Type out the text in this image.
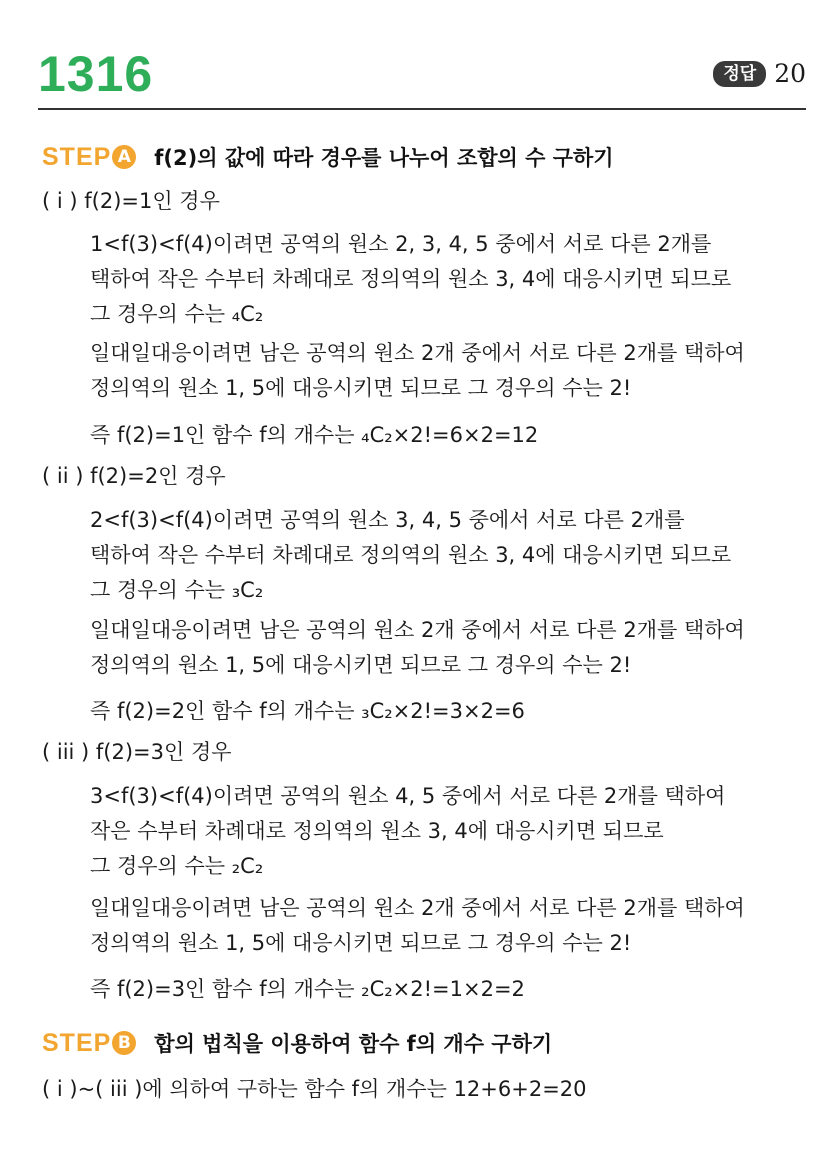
1316	정답 20
STEP A f(2)의 값에 따라 경우를 나누어 조합의 수 구하기
( i ) f(2)=1인 경우
1<f(3)<f(4)이려면 공역의 원소 2, 3, 4, 5 중에서 서로 다른 2개를
택하여 작은 수부터 차례대로 정의역의 원소 3, 4에 대응시키면 되므로
그 경우의 수는 ₄C₂
일대일대응이려면 남은 공역의 원소 2개 중에서 서로 다른 2개를 택하여
정의역의 원소 1, 5에 대응시키면 되므로 그 경우의 수는 2!
즉 f(2)=1인 함수 f의 개수는 ₄C₂×2!=6×2=12
( ii ) f(2)=2인 경우
2<f(3)<f(4)이려면 공역의 원소 3, 4, 5 중에서 서로 다른 2개를
택하여 작은 수부터 차례대로 정의역의 원소 3, 4에 대응시키면 되므로
그 경우의 수는 ₃C₂
일대일대응이려면 남은 공역의 원소 2개 중에서 서로 다른 2개를 택하여
정의역의 원소 1, 5에 대응시키면 되므로 그 경우의 수는 2!
즉 f(2)=2인 함수 f의 개수는 ₃C₂×2!=3×2=6
( iii ) f(2)=3인 경우
3<f(3)<f(4)이려면 공역의 원소 4, 5 중에서 서로 다른 2개를 택하여
작은 수부터 차례대로 정의역의 원소 3, 4에 대응시키면 되므로
그 경우의 수는 ₂C₂
일대일대응이려면 남은 공역의 원소 2개 중에서 서로 다른 2개를 택하여
정의역의 원소 1, 5에 대응시키면 되므로 그 경우의 수는 2!
즉 f(2)=3인 함수 f의 개수는 ₂C₂×2!=1×2=2
STEP B 합의 법칙을 이용하여 함수 f의 개수 구하기
( i )~( iii )에 의하여 구하는 함수 f의 개수는 12+6+2=20
